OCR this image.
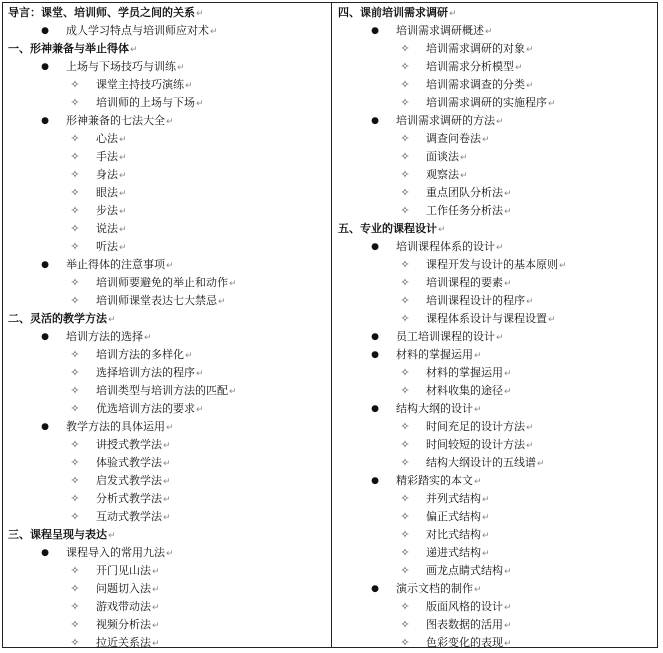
导言：课堂、培训师、学员之间的关系↵
●	成人学习特点与培训师应对术↵
一、形神兼备与举止得体↵
●	上场与下场技巧与训练↵
✧	课堂主持技巧演练↵
✧	培训师的上场与下场↵
●	形神兼备的七法大全↵
✧	心法↵
✧	手法↵
✧	身法↵
✧	眼法↵
✧	步法↵
✧	说法↵
✧	听法↵
●	举止得体的注意事项↵
✧	培训师要避免的举止和动作↵
✧	培训师课堂表达七大禁忌↵
二、灵活的教学方法↵
●	培训方法的选择↵
✧	培训方法的多样化↵
✧	选择培训方法的程序↵
✧	培训类型与培训方法的匹配↵
✧	优选培训方法的要求↵
●	教学方法的具体运用↵
✧	讲授式教学法↵
✧	体验式教学法↵
✧	启发式教学法↵
✧	分析式教学法↵
✧	互动式教学法↵
三、课程呈现与表达↵
●	课程导入的常用九法↵
✧	开门见山法↵
✧	问题切入法↵
✧	游戏带动法↵
✧	视频分析法↵
✧	拉近关系法↵
四、课前培训需求调研↵
●	培训需求调研概述↵
✧	培训需求调研的对象↵
✧	培训需求分析模型↵
✧	培训需求调查的分类↵
✧	培训需求调研的实施程序↵
●	培训需求调研的方法↵
✧	调查问卷法↵
✧	面谈法↵
✧	观察法↵
✧	重点团队分析法↵
✧	工作任务分析法↵
五、专业的课程设计↵
●	培训课程体系的设计↵
✧	课程开发与设计的基本原则↵
✧	培训课程的要素↵
✧	培训课程设计的程序↵
✧	课程体系设计与课程设置↵
●	员工培训课程的设计↵
●	材料的掌握运用↵
✧	材料的掌握运用↵
✧	材料收集的途径↵
●	结构大纲的设计↵
✧	时间充足的设计方法↵
✧	时间较短的设计方法↵
✧	结构大纲设计的五线谱↵
●	精彩踏实的本文↵
✧	并列式结构↵
✧	偏正式结构↵
✧	对比式结构↵
✧	递进式结构↵
✧	画龙点睛式结构↵
●	演示文档的制作↵
✧	版面风格的设计↵
✧	图表数据的活用↵
✧	色彩变化的表现↵
